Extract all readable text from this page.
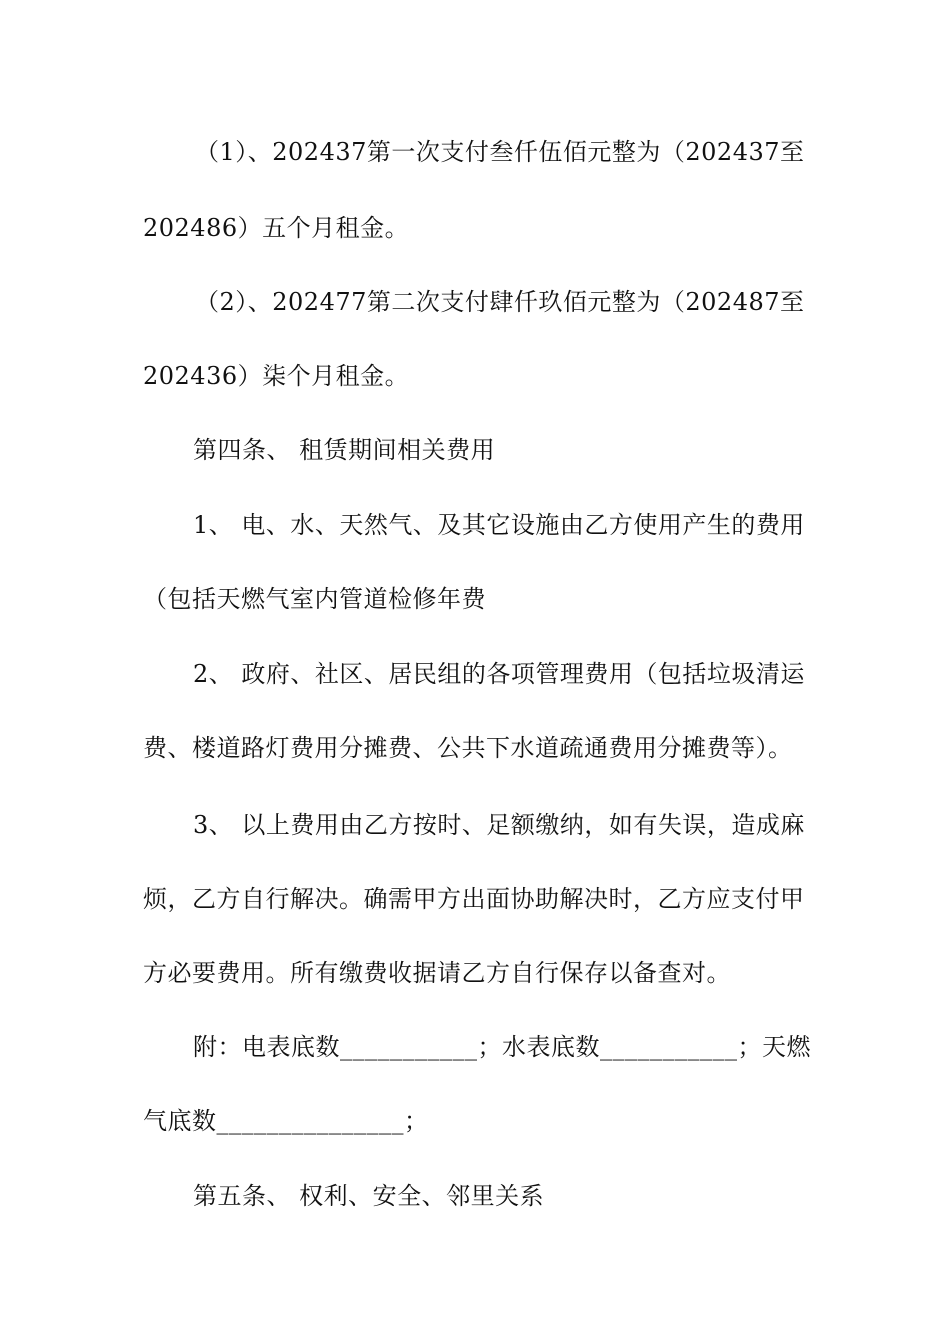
（1）、202437第一次支付叁仟伍佰元整为（202437至
202486）五个月租金。
（2）、202477第二次支付肆仟玖佰元整为（202487至
202436）柒个月租金。
第四条、 租赁期间相关费用
1、 电、水、天然气、及其它设施由乙方使用产生的费用
（包括天燃气室内管道检修年费
2、 政府、社区、居民组的各项管理费用（包括垃圾清运
费、楼道路灯费用分摊费、公共下水道疏通费用分摊费等）。
3、 以上费用由乙方按时、足额缴纳，如有失误，造成麻
烦，乙方自行解决。确需甲方出面协助解决时，乙方应支付甲
方必要费用。所有缴费收据请乙方自行保存以备查对。
附：电表底数___________；水表底数___________；天燃
气底数_______________；
第五条、 权利、安全、邻里关系
